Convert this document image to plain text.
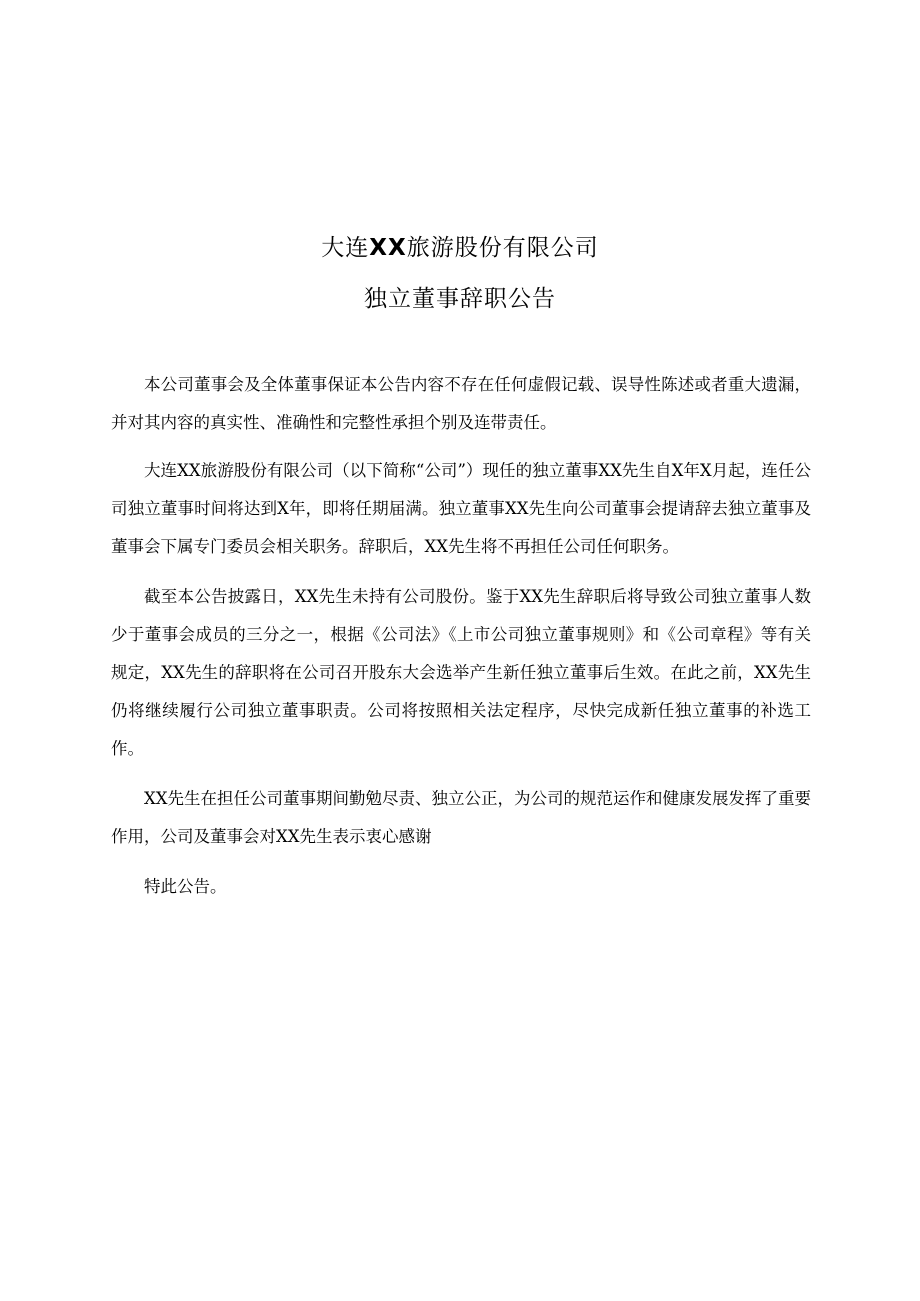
大连XX旅游股份有限公司
独立董事辞职公告

本公司董事会及全体董事保证本公告内容不存在任何虚假记载、误导性陈述或者重大遗漏，并对其内容的真实性、准确性和完整性承担个别及连带责任。

大连XX旅游股份有限公司（以下简称“公司”）现任的独立董事XX先生自X年X月起，连任公司独立董事时间将达到X年，即将任期届满。独立董事XX先生向公司董事会提请辞去独立董事及董事会下属专门委员会相关职务。辞职后，XX先生将不再担任公司任何职务。

截至本公告披露日，XX先生未持有公司股份。鉴于XX先生辞职后将导致公司独立董事人数少于董事会成员的三分之一，根据《公司法》《上市公司独立董事规则》和《公司章程》等有关规定，XX先生的辞职将在公司召开股东大会选举产生新任独立董事后生效。在此之前，XX先生仍将继续履行公司独立董事职责。公司将按照相关法定程序，尽快完成新任独立董事的补选工作。

XX先生在担任公司董事期间勤勉尽责、独立公正，为公司的规范运作和健康发展发挥了重要作用，公司及董事会对XX先生表示衷心感谢

特此公告。
